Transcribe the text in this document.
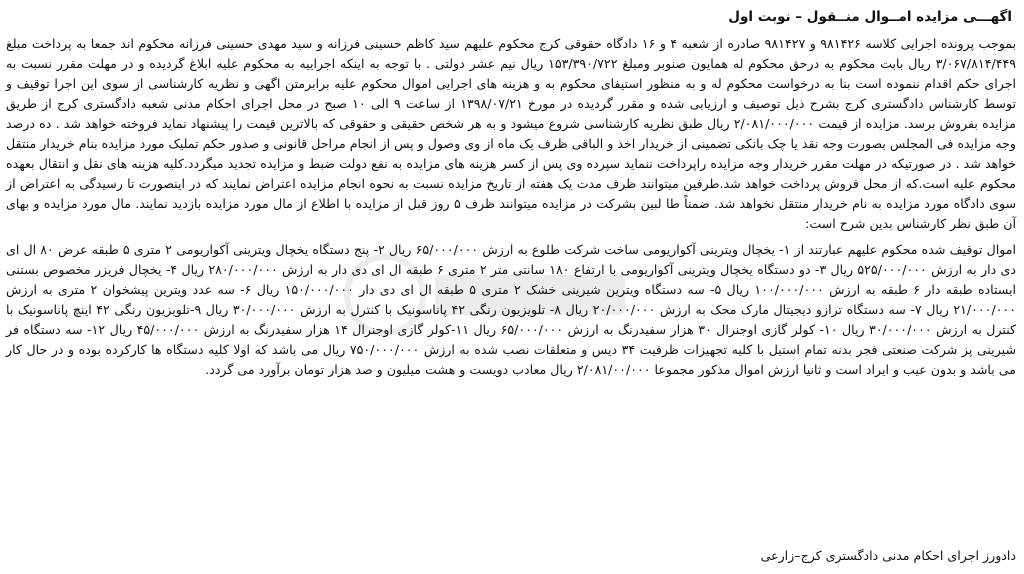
اگهـــی مزایده امــوال منــقول – نوبت اول

بموجب پرونده اجرایی کلاسه ۹۸۱۴۲۶ و ۹۸۱۴۲۷ صادره از شعبه ۴ و ۱۶ دادگاه حقوقی کرج محکوم علیهم سید کاظم حسینی فرزانه و سید مهدی حسینی فرزانه محکوم اند جمعا به پرداخت مبلغ ۳/۰۶۷/۸۱۴/۴۴۹ ریال بابت محکوم به درحق محکوم له همایون صنوبر ومبلغ ۱۵۳/۳۹۰/۷۲۲ ریال نیم عشر دولتی . با توجه به اینکه اجراییه به محکوم علیه ابلاغ گردیده و در مهلت مقرر نسبت به اجرای حکم اقدام ننموده است بنا به درخواست محکوم له و به منظور استیفای محکوم به و هزینه های اجرایی اموال محکوم علیه برابرمتن اگهی و نظریه کارشناسی از سوی این اجرا توقیف و توسط کارشناس دادگستری کرج بشرح ذیل توصیف و ارزیابی شده و مقرر گردیده در مورخ ۱۳۹۸/۰۷/۲۱ از ساعت ۹ الی ۱۰ صبح در محل اجرای احکام مدنی شعبه دادگستری کرج از طریق مزایده بفروش برسد. مزایده از قیمت ۲/۰۸۱/۰۰۰/۰۰۰ ریال طبق نظریه کارشناسی شروع میشود و به هر شخص حقیقی و حقوقی که بالاترین قیمت را پیشنهاد نماید فروخته خواهد شد . ده درصد وجه مزایده فی المجلس بصورت وجه نقد یا چک بانکی تضمینی از خریدار اخذ و الباقی ظرف یک ماه از وی وصول و پس از انجام مراحل قانونی و صدور حکم تملیک مورد مزایده بنام خریدار منتقل خواهد شد . در صورتیکه در مهلت مقرر خریدار وجه مزایده راپرداخت ننماید سپرده وی پس از کسر هزینه های مزایده به نفع دولت ضبط و مزایده تجدید میگردد.کلیه هزینه های نقل و انتقال بعهده محکوم علیه است.که از محل فروش پرداخت خواهد شد.طرفین میتوانند ظرف مدت یک هفته از تاریخ مزایده نسبت به نحوه انجام مزایده اعتراض نمایند که در اینصورت تا رسیدگی به اعتراض از سوی دادگاه مورد مزایده به نام خریدار منتقل نخواهد شد. ضمناً طا لبین بشرکت در مزایده میتوانند ظرف ۵ روز قبل از مزایده با اطلاع از مال مورد مزایده بازدید نمایند. مال مورد مزایده و بهای آن طبق نظر کارشناس بدین شرح است:

اموال توقیف شده محکوم علیهم عبارتند از ۱- یخچال ویترینی آکواریومی ساخت شرکت طلوع به ارزش ۶۵/۰۰۰/۰۰۰ ریال ۲- پنج دستگاه یخچال ویترینی آکواریومی ۲ متری ۵ طبقه عرض ۸۰ ال ای دی دار به ارزش ۵۲۵/۰۰۰/۰۰۰ ریال ۳- دو دستگاه یخچال ویترینی آکواریومی با ارتفاع ۱۸۰ سانتی متر ۲ متری ۶ طبقه ال ای دی دار به ارزش ۲۸۰/۰۰۰/۰۰۰ ریال ۴- یخچال فریزر مخصوص بستنی ایستاده طبقه دار ۶ طبقه به ارزش ۱۰۰/۰۰۰/۰۰۰ ریال ۵- سه دستگاه ویترین شیرینی خشک ۲ متری ۵ طبقه ال ای دی دار ۱۵۰/۰۰۰/۰۰۰ ریال ۶- سه عدد ویترین پیشخوان ۲ متری به ارزش ۲۱/۰۰۰/۰۰۰ ریال ۷- سه دستگاه ترازو دیجیتال مارک محک به ارزش ۲۰/۰۰۰/۰۰۰ ریال ۸- تلویزیون رنگی ۴۲ پاناسونیک با کنترل به ارزش ۳۰/۰۰۰/۰۰۰ ریال ۹-تلویزیون رنگی ۴۲ اینچ پاناسونیک با کنترل به ارزش ۳۰/۰۰۰/۰۰۰ ریال ۱۰- کولر گازی اوجنرال ۳۰ هزار سفیدرنگ به ارزش ۶۵/۰۰۰/۰۰۰ ریال ۱۱-کولر گازی اوجنرال ۱۴ هزار سفیدرنگ به ارزش ۴۵/۰۰۰/۰۰۰ ریال ۱۲- سه دستگاه فر شیرینی پز شرکت صنعتی فجر بدنه تمام استیل با کلیه تجهیزات ظرفیت ۳۴ دیس و متعلقات نصب شده به ارزش ۷۵۰/۰۰۰/۰۰۰ ریال می باشد که اولا کلیه دستگاه ها کارکرده بوده و در حال کار می باشد و بدون عیب و ایراد است و ثانیا ارزش اموال مذکور مجموعا ۲/۰۸۱/۰۰/۰۰۰ ریال معادب دویست و هشت میلیون و صد هزار تومان برآورد می گردد.

دادورز اجرای احکام مدنی دادگستری کرج–زارعی
